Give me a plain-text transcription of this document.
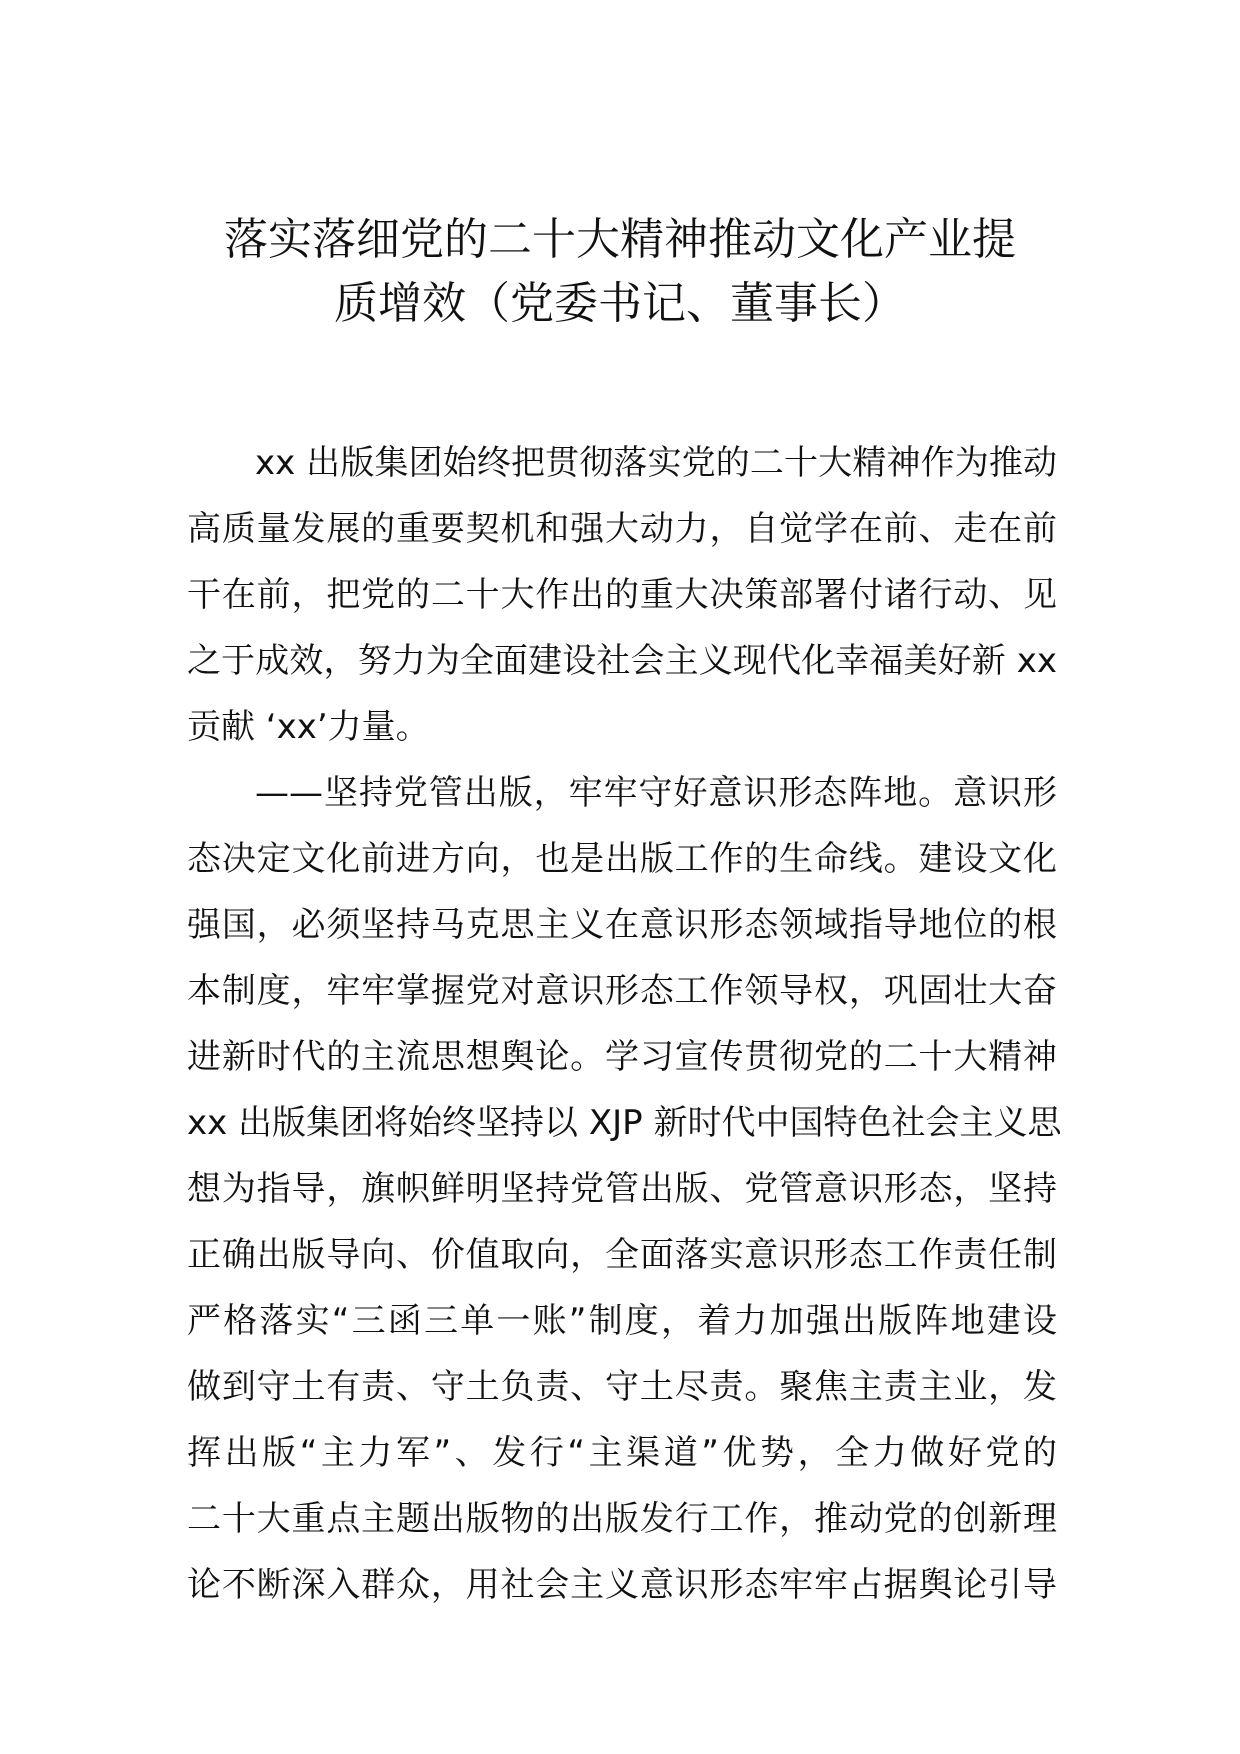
落实落细党的二十大精神推动文化产业提
质增效（党委书记、董事长）
xx 出版集团始终把贯彻落实党的二十大精神作为推动
高质量发展的重要契机和强大动力，自觉学在前、走在前
干在前，把党的二十大作出的重大决策部署付诸行动、见
之于成效，努力为全面建设社会主义现代化幸福美好新 xx
贡献 ‘xx’力量。
——坚持党管出版，牢牢守好意识形态阵地。意识形
态决定文化前进方向，也是出版工作的生命线。建设文化
强国，必须坚持马克思主义在意识形态领域指导地位的根
本制度，牢牢掌握党对意识形态工作领导权，巩固壮大奋
进新时代的主流思想舆论。学习宣传贯彻党的二十大精神
xx 出版集团将始终坚持以 XJP 新时代中国特色社会主义思
想为指导，旗帜鲜明坚持党管出版、党管意识形态，坚持
正确出版导向、价值取向，全面落实意识形态工作责任制
严格落实“三函三单一账”制度，着力加强出版阵地建设
做到守土有责、守土负责、守土尽责。聚焦主责主业，发
挥出版“主力军”、发行“主渠道”优势，全力做好党的
二十大重点主题出版物的出版发行工作，推动党的创新理
论不断深入群众，用社会主义意识形态牢牢占据舆论引导
